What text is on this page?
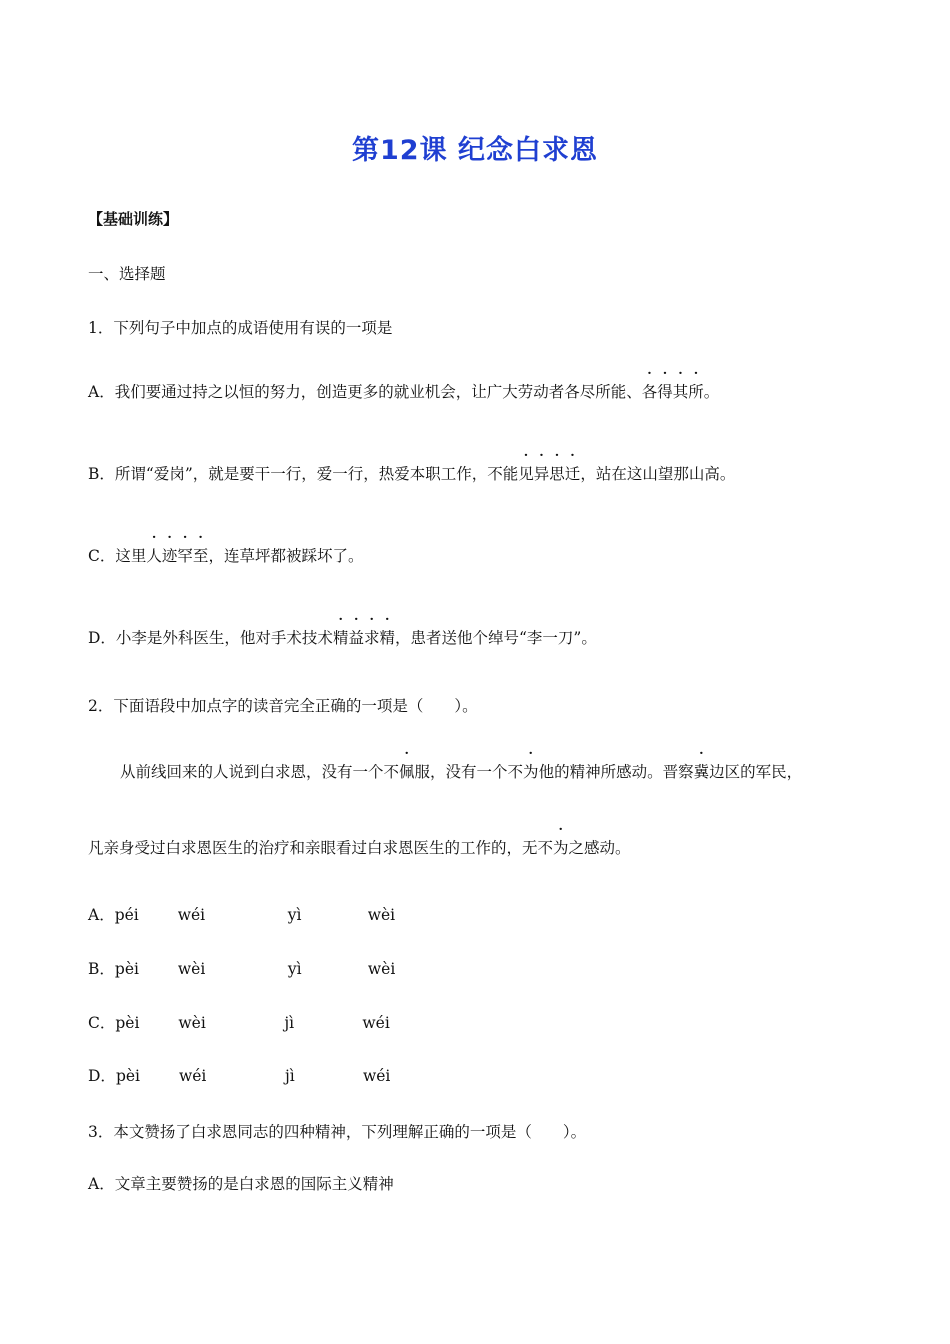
第12课 纪念白求恩
【基础训练】
一、选择题
1．下列句子中加点的成语使用有误的一项是
A．我们要通过持之以恒的努力，创造更多的就业机会，让广大劳动者各尽所能、各得其所。
B．所谓“爱岗”，就是要干一行，爱一行，热爱本职工作，不能见异思迁，站在这山望那山高。
C．这里人迹罕至，连草坪都被踩坏了。
D．小李是外科医生，他对手术技术精益求精，患者送他个绰号“李一刀”。
2．下面语段中加点字的读音完全正确的一项是（　　）。
从前线回来的人说到白求恩，没有一个不佩服，没有一个不为他的精神所感动。晋察冀边区的军民，
凡亲身受过白求恩医生的治疗和亲眼看过白求恩医生的工作的，无不为之感动。
A．péi	wéi	yì	wèi
B．pèi	wèi	yì	wèi
C．pèi	wèi	jì	wéi
D．pèi	wéi	jì	wéi
3．本文赞扬了白求恩同志的四种精神，下列理解正确的一项是（　　）。
A．文章主要赞扬的是白求恩的国际主义精神
